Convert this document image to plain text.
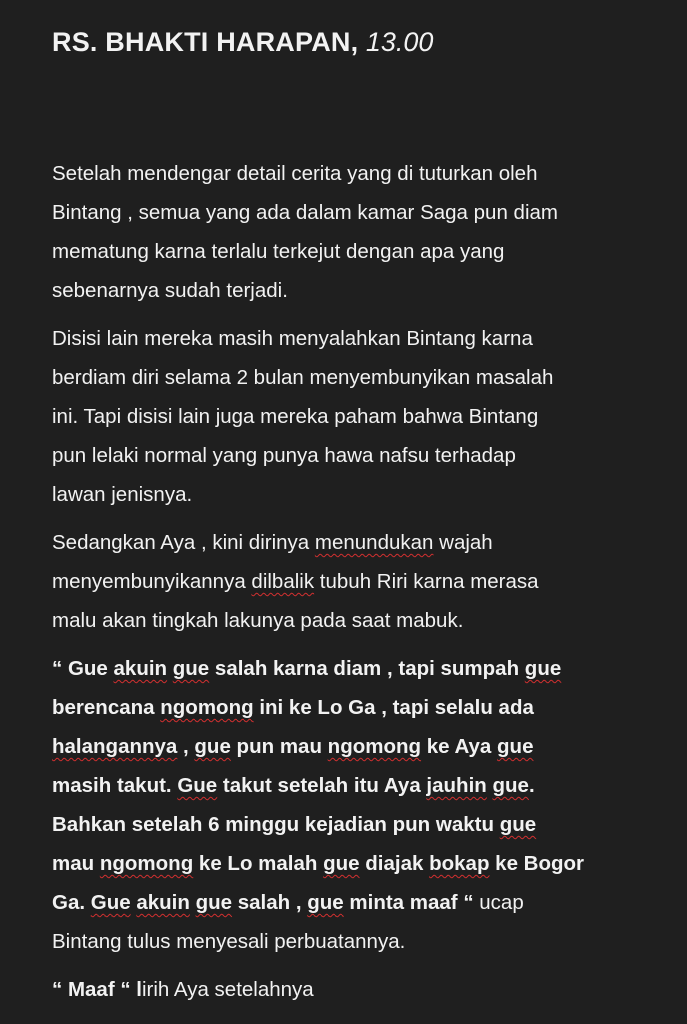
RS. BHAKTI HARAPAN, 13.00
Setelah mendengar detail cerita yang di tuturkan oleh
Bintang , semua yang ada dalam kamar Saga pun diam
mematung karna terlalu terkejut dengan apa yang
sebenarnya sudah terjadi.
Disisi lain mereka masih menyalahkan Bintang karna
berdiam diri selama 2 bulan menyembunyikan masalah
ini. Tapi disisi lain juga mereka paham bahwa Bintang
pun lelaki normal yang punya hawa nafsu terhadap
lawan jenisnya.
Sedangkan Aya , kini dirinya menundukan wajah
menyembunyikannya dilbalik tubuh Riri karna merasa
malu akan tingkah lakunya pada saat mabuk.
“ Gue akuin gue salah karna diam , tapi sumpah gue
berencana ngomong ini ke Lo Ga , tapi selalu ada
halangannya , gue pun mau ngomong ke Aya gue
masih takut. Gue takut setelah itu Aya jauhin gue.
Bahkan setelah 6 minggu kejadian pun waktu gue
mau ngomong ke Lo malah gue diajak bokap ke Bogor
Ga. Gue akuin gue salah , gue minta maaf “ ucap
Bintang tulus menyesali perbuatannya.
“ Maaf “ lirih Aya setelahnya
